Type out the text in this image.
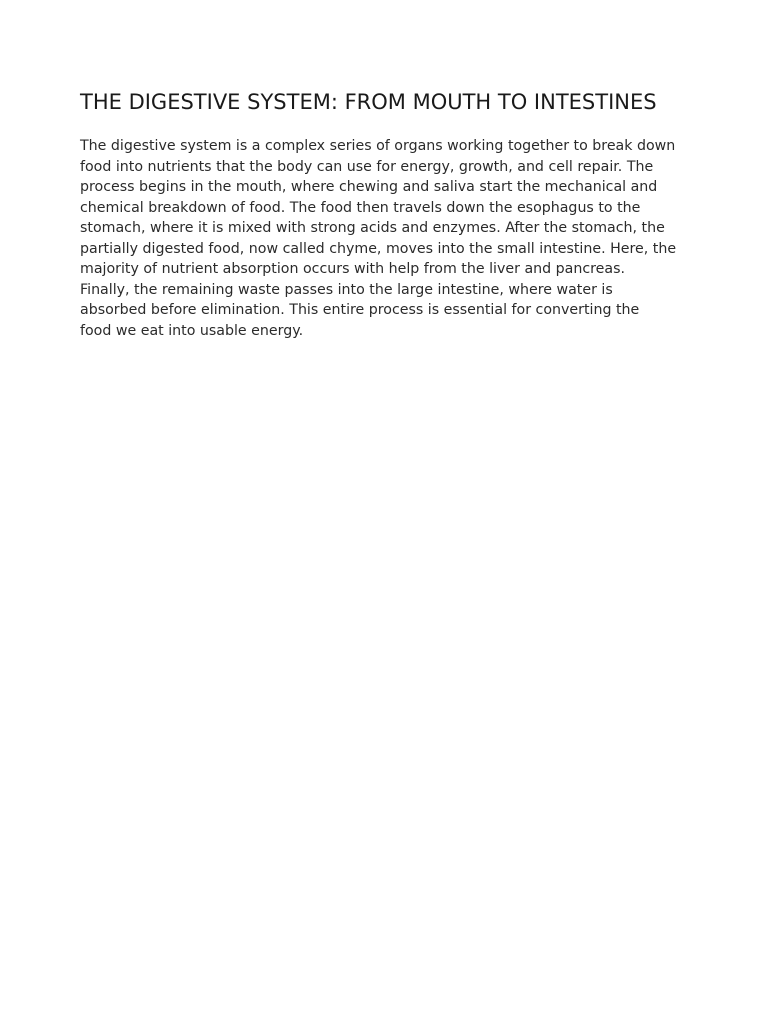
THE DIGESTIVE SYSTEM: FROM MOUTH TO INTESTINES

The digestive system is a complex series of organs working together to break down
food into nutrients that the body can use for energy, growth, and cell repair. The
process begins in the mouth, where chewing and saliva start the mechanical and
chemical breakdown of food. The food then travels down the esophagus to the
stomach, where it is mixed with strong acids and enzymes. After the stomach, the
partially digested food, now called chyme, moves into the small intestine. Here, the
majority of nutrient absorption occurs with help from the liver and pancreas.
Finally, the remaining waste passes into the large intestine, where water is
absorbed before elimination. This entire process is essential for converting the
food we eat into usable energy.
